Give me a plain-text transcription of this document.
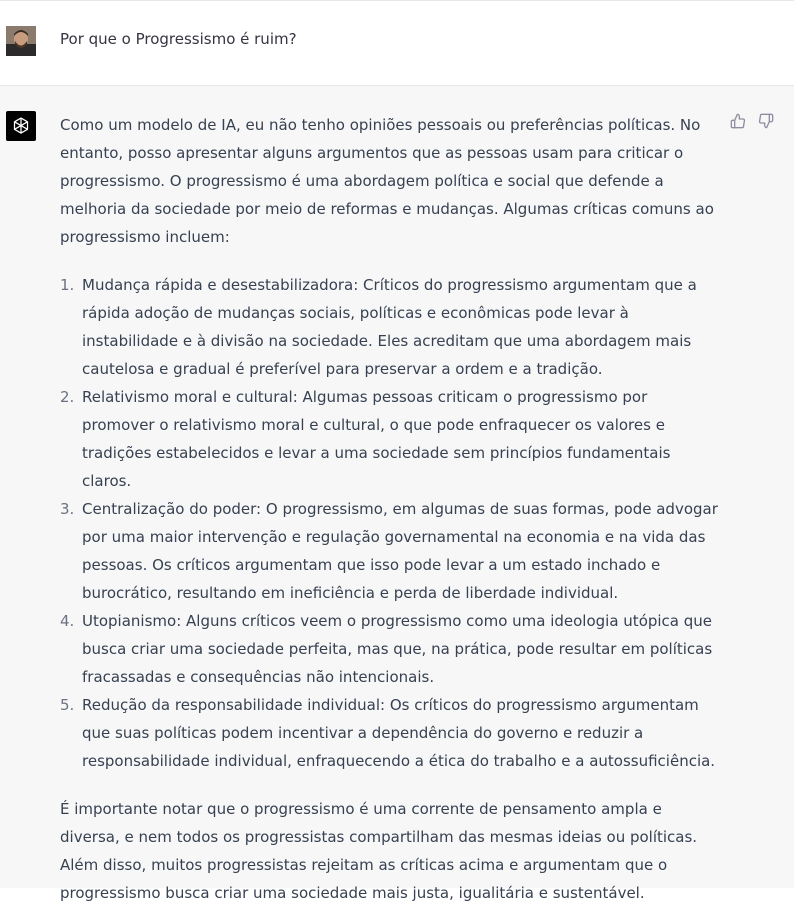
Por que o Progressismo é ruim?

Como um modelo de IA, eu não tenho opiniões pessoais ou preferências políticas. No entanto, posso apresentar alguns argumentos que as pessoas usam para criticar o progressismo. O progressismo é uma abordagem política e social que defende a melhoria da sociedade por meio de reformas e mudanças. Algumas críticas comuns ao progressismo incluem:

1. Mudança rápida e desestabilizadora: Críticos do progressismo argumentam que a rápida adoção de mudanças sociais, políticas e econômicas pode levar à instabilidade e à divisão na sociedade. Eles acreditam que uma abordagem mais cautelosa e gradual é preferível para preservar a ordem e a tradição.
2. Relativismo moral e cultural: Algumas pessoas criticam o progressismo por promover o relativismo moral e cultural, o que pode enfraquecer os valores e tradições estabelecidos e levar a uma sociedade sem princípios fundamentais claros.
3. Centralização do poder: O progressismo, em algumas de suas formas, pode advogar por uma maior intervenção e regulação governamental na economia e na vida das pessoas. Os críticos argumentam que isso pode levar a um estado inchado e burocrático, resultando em ineficiência e perda de liberdade individual.
4. Utopianismo: Alguns críticos veem o progressismo como uma ideologia utópica que busca criar uma sociedade perfeita, mas que, na prática, pode resultar em políticas fracassadas e consequências não intencionais.
5. Redução da responsabilidade individual: Os críticos do progressismo argumentam que suas políticas podem incentivar a dependência do governo e reduzir a responsabilidade individual, enfraquecendo a ética do trabalho e a autossuficiência.

É importante notar que o progressismo é uma corrente de pensamento ampla e diversa, e nem todos os progressistas compartilham das mesmas ideias ou políticas. Além disso, muitos progressistas rejeitam as críticas acima e argumentam que o progressismo busca criar uma sociedade mais justa, igualitária e sustentável.
